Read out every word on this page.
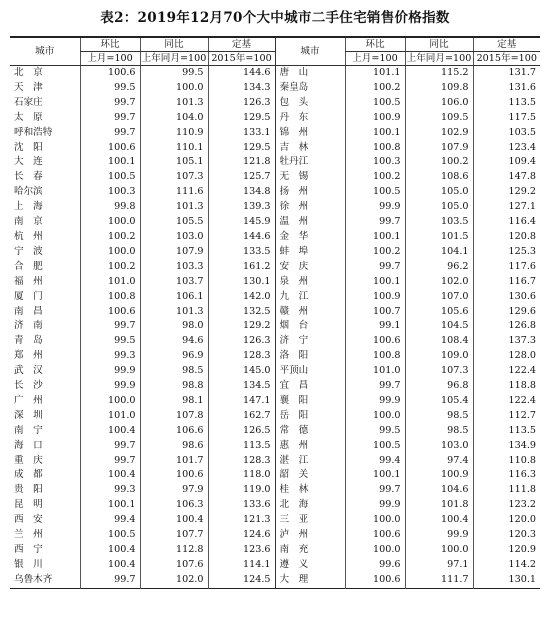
表2：2019年12月70个大中城市二手住宅销售价格指数
城市	环比	同比	定基	城市	环比	同比	定基
	上月=100	上年同月=100	2015年=100		上月=100	上年同月=100	2015年=100
北　京	100.6	99.5	144.6	唐　山	101.1	115.2	131.7
天　津	99.5	100.0	134.3	秦皇岛	100.2	109.8	131.6
石家庄	99.7	101.3	126.3	包　头	100.5	106.0	113.5
太　原	99.7	104.0	129.5	丹　东	100.9	109.5	117.5
呼和浩特	99.7	110.9	133.1	锦　州	100.1	102.9	103.5
沈　阳	100.6	110.1	129.5	吉　林	100.8	107.9	123.4
大　连	100.1	105.1	121.8	牡丹江	100.3	100.2	109.4
长　春	100.5	107.3	125.7	无　锡	100.2	108.6	147.8
哈尔滨	100.3	111.6	134.8	扬　州	100.5	105.0	129.2
上　海	99.8	101.3	139.3	徐　州	99.9	105.0	127.1
南　京	100.0	105.5	145.9	温　州	99.7	103.5	116.4
杭　州	100.2	103.0	144.6	金　华	100.1	101.5	120.8
宁　波	100.0	107.9	133.5	蚌　埠	100.2	104.1	125.3
合　肥	100.2	103.3	161.2	安　庆	99.7	96.2	117.6
福　州	101.0	103.7	130.1	泉　州	100.1	102.0	116.7
厦　门	100.8	106.1	142.0	九　江	100.9	107.0	130.6
南　昌	100.6	101.3	132.5	赣　州	100.7	105.6	129.6
济　南	99.7	98.0	129.2	烟　台	99.1	104.5	126.8
青　岛	99.5	94.6	126.3	济　宁	100.6	108.4	137.3
郑　州	99.3	96.9	128.3	洛　阳	100.8	109.0	128.0
武　汉	99.9	98.5	145.0	平顶山	101.0	107.3	122.4
长　沙	99.9	98.8	134.5	宜　昌	99.7	96.8	118.8
广　州	100.0	98.1	147.1	襄　阳	99.9	105.4	122.4
深　圳	101.0	107.8	162.7	岳　阳	100.0	98.5	112.7
南　宁	100.4	106.6	126.5	常　德	99.5	98.5	113.5
海　口	99.7	98.6	113.5	惠　州	100.5	103.0	134.9
重　庆	99.7	101.7	128.3	湛　江	99.4	97.4	110.8
成　都	100.4	100.6	118.0	韶　关	100.1	100.9	116.3
贵　阳	99.3	97.9	119.0	桂　林	99.7	104.6	111.8
昆　明	100.1	106.3	133.6	北　海	99.9	101.8	123.2
西　安	99.4	100.4	121.3	三　亚	100.0	100.4	120.0
兰　州	100.5	107.7	124.6	泸　州	100.6	99.9	120.3
西　宁	100.4	112.8	123.6	南　充	100.0	100.0	120.9
银　川	100.4	107.6	114.1	遵　义	99.6	97.1	114.2
乌鲁木齐	99.7	102.0	124.5	大　理	100.6	111.7	130.1
